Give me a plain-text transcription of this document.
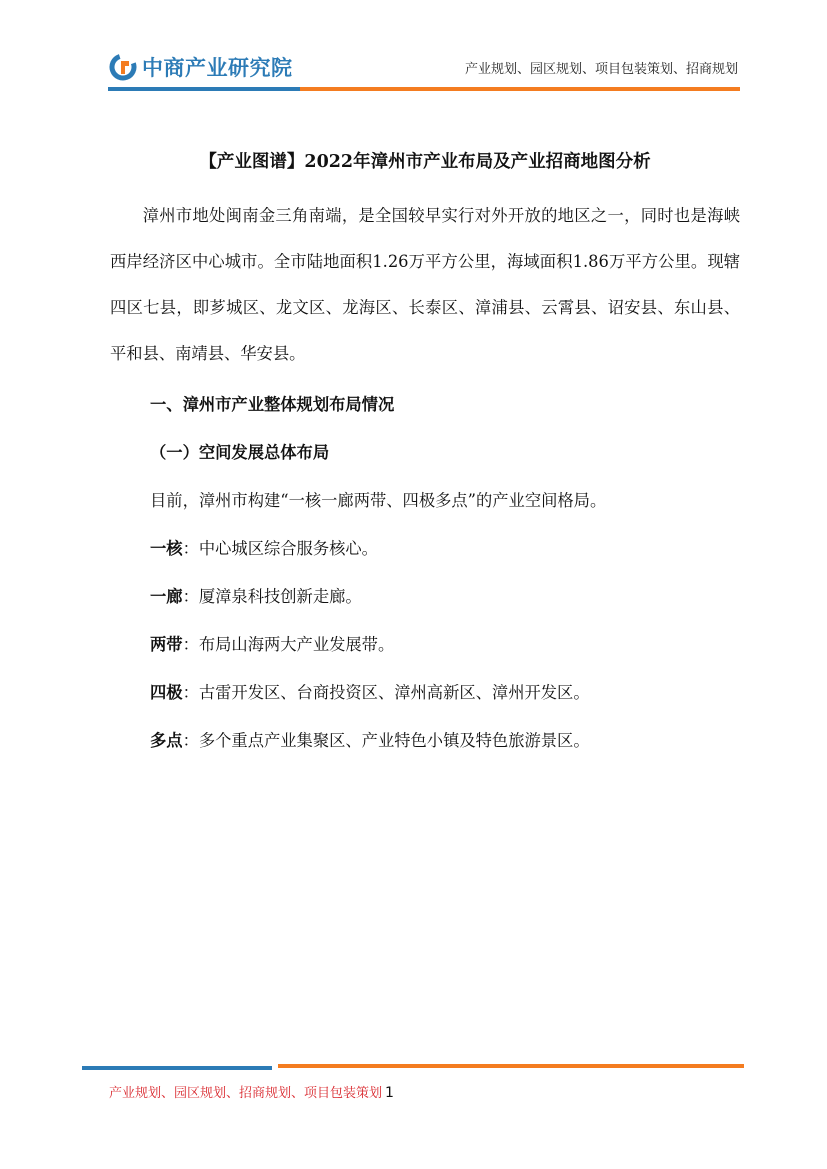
中商产业研究院	产业规划、园区规划、项目包装策划、招商规划
【产业图谱】2022年漳州市产业布局及产业招商地图分析

漳州市地处闽南金三角南端，是全国较早实行对外开放的地区之一，同时也是海峡西岸经济区中心城市。全市陆地面积1.26万平方公里，海域面积1.86万平方公里。现辖四区七县，即芗城区、龙文区、龙海区、长泰区、漳浦县、云霄县、诏安县、东山县、平和县、南靖县、华安县。

一、漳州市产业整体规划布局情况

（一）空间发展总体布局

目前，漳州市构建“一核一廊两带、四极多点”的产业空间格局。

一核：中心城区综合服务核心。

一廊：厦漳泉科技创新走廊。

两带：布局山海两大产业发展带。

四极：古雷开发区、台商投资区、漳州高新区、漳州开发区。

多点：多个重点产业集聚区、产业特色小镇及特色旅游景区。

产业规划、园区规划、招商规划、项目包装策划 1
